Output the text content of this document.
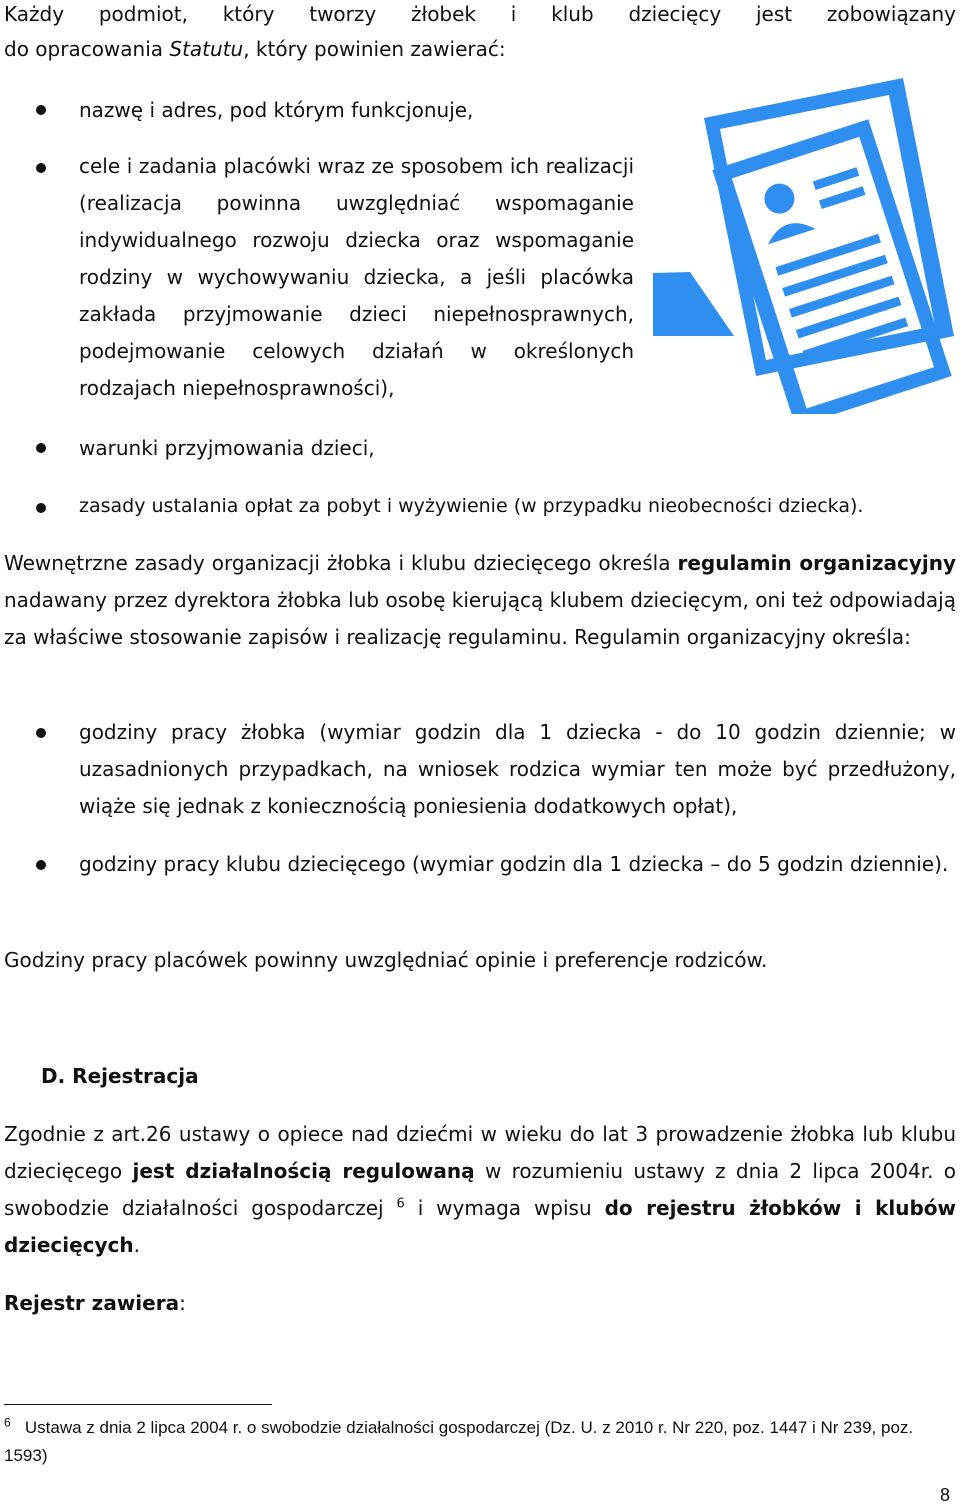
Każdy podmiot, który tworzy żłobek i klub dziecięcy jest zobowiązany

do opracowania Statutu, który powinien zawierać:

nazwę i adres, pod którym funkcjonuje,

cele i zadania placówki wraz ze sposobem ich realizacji (realizacja powinna uwzględniać wspomaganie indywidualnego rozwoju dziecka oraz wspomaganie rodziny w wychowywaniu dziecka, a jeśli placówka zakłada przyjmowanie dzieci niepełnosprawnych, podejmowanie celowych działań w określonych rodzajach niepełnosprawności),

warunki przyjmowania dzieci,

zasady ustalania opłat za pobyt i wyżywienie (w przypadku nieobecności dziecka).

Wewnętrzne zasady organizacji żłobka i klubu dziecięcego określa regulamin organizacyjny nadawany przez dyrektora żłobka lub osobę kierującą klubem dziecięcym, oni też odpowiadają za właściwe stosowanie zapisów i realizację regulaminu. Regulamin organizacyjny określa:

godziny pracy żłobka (wymiar godzin dla 1 dziecka - do 10 godzin dziennie; w uzasadnionych przypadkach, na wniosek rodzica wymiar ten może być przedłużony, wiąże się jednak z koniecznością poniesienia dodatkowych opłat),

godziny pracy klubu dziecięcego (wymiar godzin dla 1 dziecka – do 5 godzin dziennie).

Godziny pracy placówek powinny uwzględniać opinie i preferencje rodziców.

D. Rejestracja

Zgodnie z art.26 ustawy o opiece nad dziećmi w wieku do lat 3 prowadzenie żłobka lub klubu dziecięcego jest działalnością regulowaną w rozumieniu ustawy z dnia 2 lipca 2004r. o swobodzie działalności gospodarczej $^6$ i wymaga wpisu do rejestru żłobków i klubów dziecięcych.

Rejestr zawiera:

$^6$ Ustawa z dnia 2 lipca 2004 r. o swobodzie działalności gospodarczej (Dz. U. z 2010 r. Nr 220, poz. 1447 i Nr 239, poz. 1593)

8
